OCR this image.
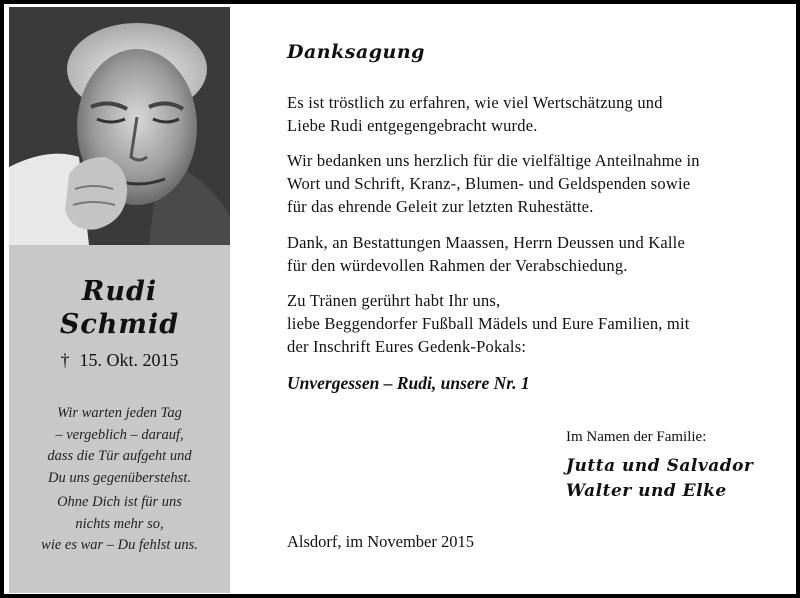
Rudi
Schmid
† 15. Okt. 2015
Wir warten jeden Tag
– vergeblich – darauf,
dass die Tür aufgeht und
Du uns gegenüberstehst.
Ohne Dich ist für uns
nichts mehr so,
wie es war – Du fehlst uns.
Danksagung

Es ist tröstlich zu erfahren, wie viel Wertschätzung und

Liebe Rudi entgegengebracht wurde.

Wir bedanken uns herzlich für die vielfältige Anteilnahme in

Wort und Schrift, Kranz-, Blumen- und Geldspenden sowie

für das ehrende Geleit zur letzten Ruhestätte.

Dank, an Bestattungen Maassen, Herrn Deussen und Kalle

für den würdevollen Rahmen der Verabschiedung.

Zu Tränen gerührt habt Ihr uns,

liebe Beggendorfer Fußball Mädels und Eure Familien, mit

der Inschrift Eures Gedenk-Pokals:

Unvergessen – Rudi, unsere Nr. 1
Im Namen der Familie:
Jutta und Salvador
Walter und Elke
Alsdorf, im November 2015
